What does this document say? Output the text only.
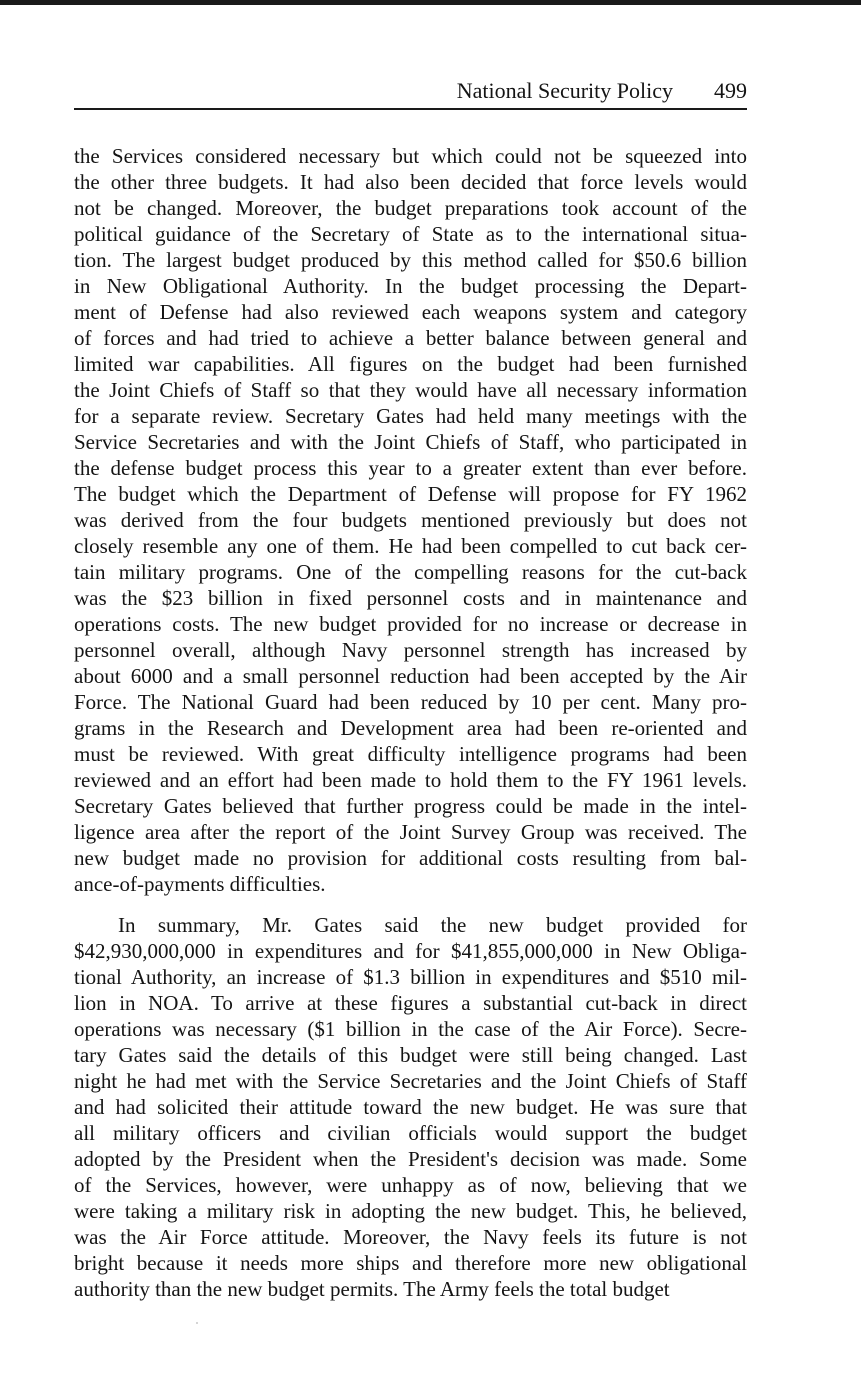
National Security Policy 499

the Services considered necessary but which could not be squeezed into
the other three budgets. It had also been decided that force levels would
not be changed. Moreover, the budget preparations took account of the
political guidance of the Secretary of State as to the international situa-
tion. The largest budget produced by this method called for $50.6 billion
in New Obligational Authority. In the budget processing the Depart-
ment of Defense had also reviewed each weapons system and category
of forces and had tried to achieve a better balance between general and
limited war capabilities. All figures on the budget had been furnished
the Joint Chiefs of Staff so that they would have all necessary information
for a separate review. Secretary Gates had held many meetings with the
Service Secretaries and with the Joint Chiefs of Staff, who participated in
the defense budget process this year to a greater extent than ever before.
The budget which the Department of Defense will propose for FY 1962
was derived from the four budgets mentioned previously but does not
closely resemble any one of them. He had been compelled to cut back cer-
tain military programs. One of the compelling reasons for the cut-back
was the $23 billion in fixed personnel costs and in maintenance and
operations costs. The new budget provided for no increase or decrease in
personnel overall, although Navy personnel strength has increased by
about 6000 and a small personnel reduction had been accepted by the Air
Force. The National Guard had been reduced by 10 per cent. Many pro-
grams in the Research and Development area had been re-oriented and
must be reviewed. With great difficulty intelligence programs had been
reviewed and an effort had been made to hold them to the FY 1961 levels.
Secretary Gates believed that further progress could be made in the intel-
ligence area after the report of the Joint Survey Group was received. The
new budget made no provision for additional costs resulting from bal-
ance-of-payments difficulties.

In summary, Mr. Gates said the new budget provided for
$42,930,000,000 in expenditures and for $41,855,000,000 in New Obliga-
tional Authority, an increase of $1.3 billion in expenditures and $510 mil-
lion in NOA. To arrive at these figures a substantial cut-back in direct
operations was necessary ($1 billion in the case of the Air Force). Secre-
tary Gates said the details of this budget were still being changed. Last
night he had met with the Service Secretaries and the Joint Chiefs of Staff
and had solicited their attitude toward the new budget. He was sure that
all military officers and civilian officials would support the budget
adopted by the President when the President's decision was made. Some
of the Services, however, were unhappy as of now, believing that we
were taking a military risk in adopting the new budget. This, he believed,
was the Air Force attitude. Moreover, the Navy feels its future is not
bright because it needs more ships and therefore more new obligational
authority than the new budget permits. The Army feels the total budget
